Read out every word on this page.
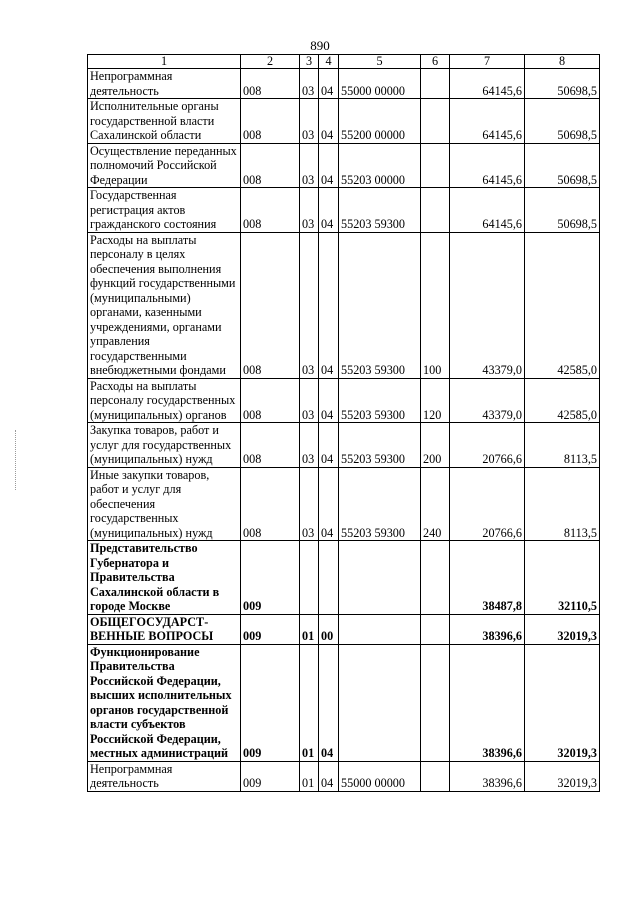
890
1	2	3	4	5	6	7	8
Непрограммная деятельность	008	03	04	55000 00000		64145,6	50698,5
Исполнительные органы государственной власти Сахалинской области	008	03	04	55200 00000		64145,6	50698,5
Осуществление переданных полномочий Российской Федерации	008	03	04	55203 00000		64145,6	50698,5
Государственная регистрация актов гражданского состояния	008	03	04	55203 59300		64145,6	50698,5
Расходы на выплаты персоналу в целях обеспечения выполнения функций государственными (муниципальными) органами, казенными учреждениями, органами управления государственными внебюджетными фондами	008	03	04	55203 59300	100	43379,0	42585,0
Расходы на выплаты персоналу государственных (муниципальных) органов	008	03	04	55203 59300	120	43379,0	42585,0
Закупка товаров, работ и услуг для государственных (муниципальных) нужд	008	03	04	55203 59300	200	20766,6	8113,5
Иные закупки товаров, работ и услуг для обеспечения государственных (муниципальных) нужд	008	03	04	55203 59300	240	20766,6	8113,5
Представительство Губернатора и Правительства Сахалинской области в городе Москве	009					38487,8	32110,5
ОБЩЕГОСУДАРСТ-ВЕННЫЕ ВОПРОСЫ	009	01	00			38396,6	32019,3
Функционирование Правительства Российской Федерации, высших исполнительных органов государственной власти субъектов Российской Федерации, местных администраций	009	01	04			38396,6	32019,3
Непрограммная деятельность	009	01	04	55000 00000		38396,6	32019,3
